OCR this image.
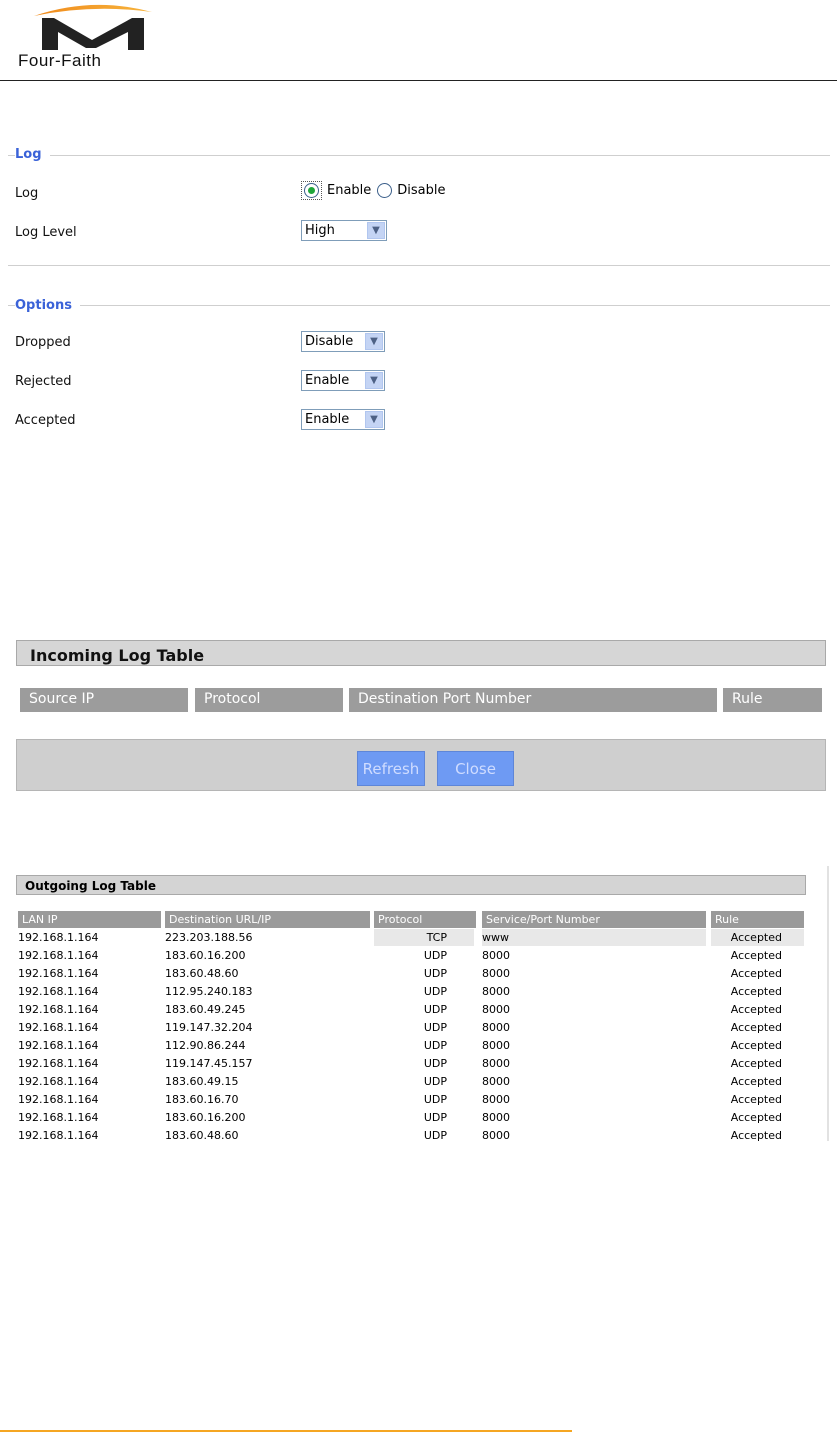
Four-Faith
Log
Log	Enable Disable
Log Level	High	▼
Options
Dropped	Disable	▼
Rejected	Enable	▼
Accepted	Enable	▼
Incoming Log Table
Source IP	Protocol	Destination Port Number	Rule
Refresh	Close
Outgoing Log Table
LAN IP	Destination URL/IP	Protocol	Service/Port Number	Rule
192.168.1.164	223.203.188.56	TCP	www	Accepted
192.168.1.164	183.60.16.200	UDP	8000	Accepted
192.168.1.164	183.60.48.60	UDP	8000	Accepted
192.168.1.164	112.95.240.183	UDP	8000	Accepted
192.168.1.164	183.60.49.245	UDP	8000	Accepted
192.168.1.164	119.147.32.204	UDP	8000	Accepted
192.168.1.164	112.90.86.244	UDP	8000	Accepted
192.168.1.164	119.147.45.157	UDP	8000	Accepted
192.168.1.164	183.60.49.15	UDP	8000	Accepted
192.168.1.164	183.60.16.70	UDP	8000	Accepted
192.168.1.164	183.60.16.200	UDP	8000	Accepted
192.168.1.164	183.60.48.60	UDP	8000	Accepted
